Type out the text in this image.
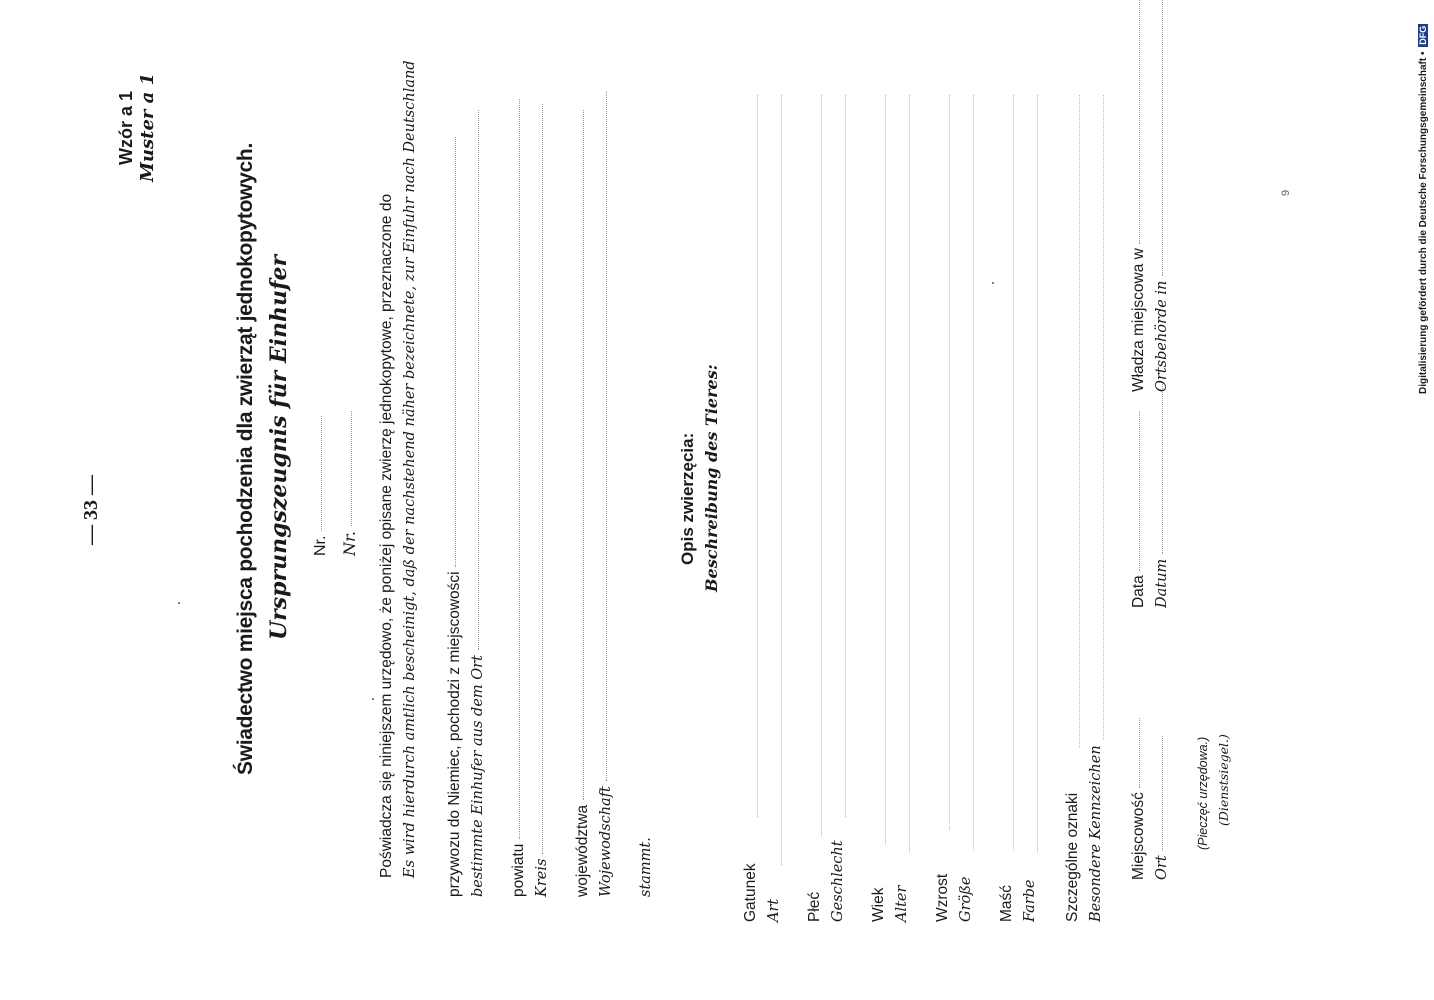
— 33 —
Wzór a 1 Muster a 1
Świadectwo miejsca pochodzenia dla zwierząt jednokopytowych. Ursprungszeugnis für Einhufer Nr. Nr. Poświadcza się niniejszem urzędowo, że poniżej opisane zwierzę jednokopytowe, przeznaczone do Es wird hierdurch amtlich bescheinigt, daß der nachstehend näher bezeichnete, zur Einfuhr nach Deutschland przywozu do Niemiec, pochodzi z miejscowości bestimmte Einhufer aus dem Ort powiatu Kreis województwa Wojewodschaft stammt.
Opis zwierzęcia: Beschreibung des Tieres:
Gatunek Art Płeć Geschlecht Wiek Alter Wzrost Größe Maść Farbe Szczególne oznaki Besondere Kennzeichen Miejscowość Ort
Data Datum
Władza miejscowa w Ortsbehörde in
(Pieczęć urzędowa.) (Dienstsiegel.)
9	Digitalisierung gefördert durch die Deutsche Forschungsgemeinschaft • DFG
